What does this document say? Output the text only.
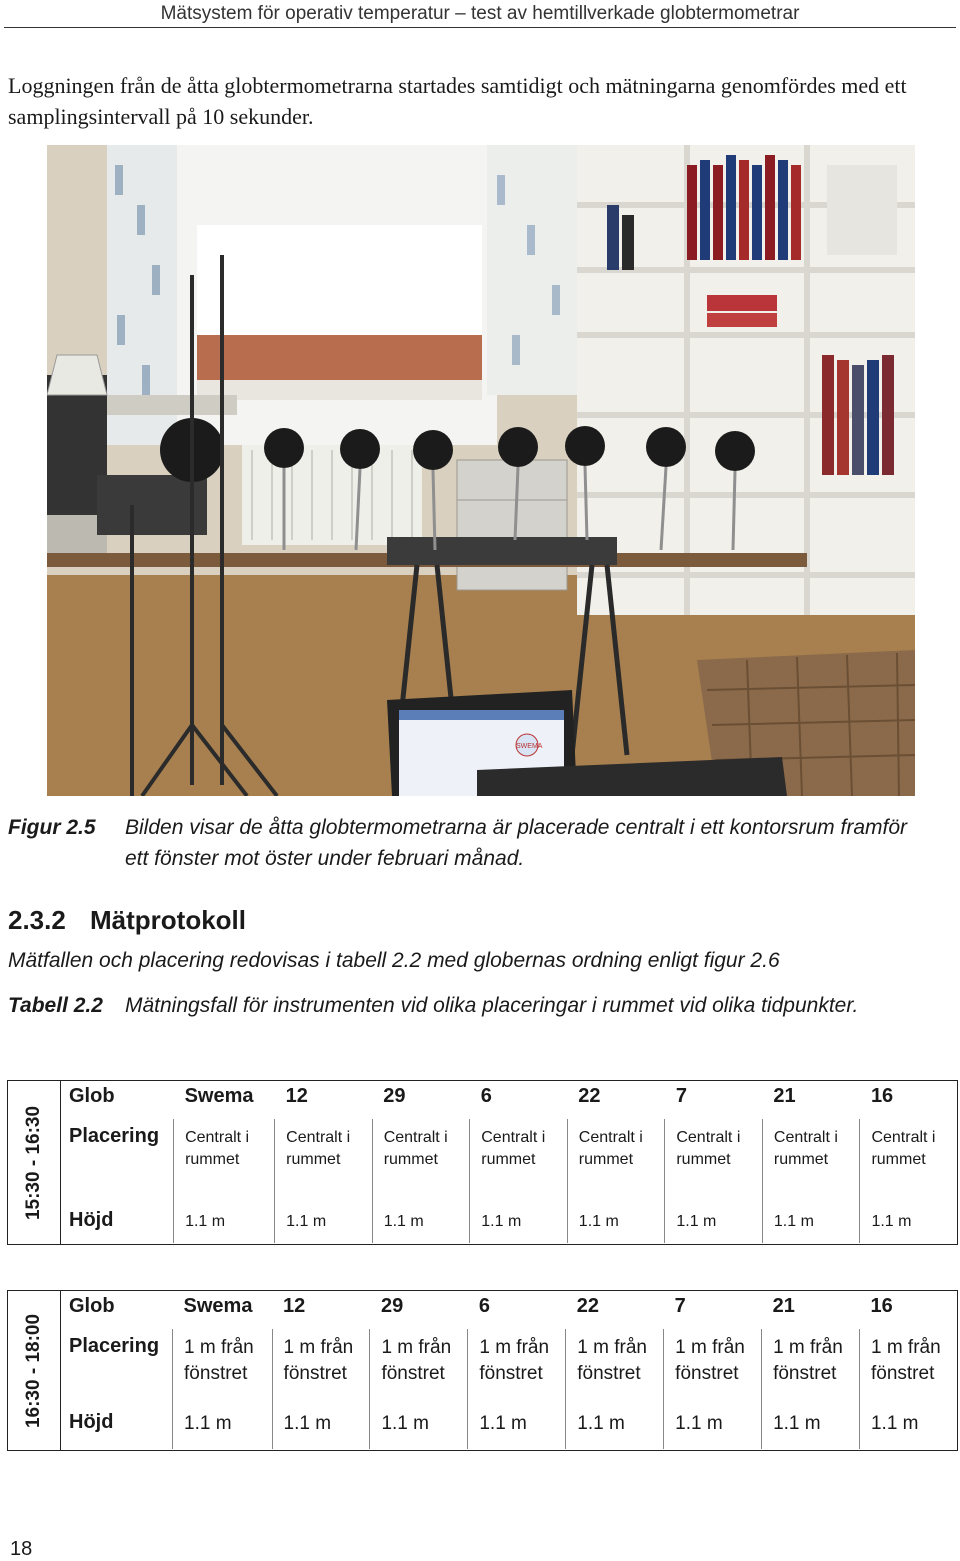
Mätsystem för operativ temperatur – test av hemtillverkade globtermometrar
Loggningen från de åtta globtermometrarna startades samtidigt och mätningarna genomfördes med ett samplingsintervall på 10 sekunder.
SWEMA
Figur 2.5 Bilden visar de åtta globtermometrarna är placerade centralt i ett kontorsrum framför ett fönster mot öster under februari månad.
2.3.2 Mätprotokoll
Mätfallen och placering redovisas i tabell 2.2 med globernas ordning enligt figur 2.6
Tabell 2.2 Mätningsfall för instrumenten vid olika placeringar i rummet vid olika tidpunkter.
15:30 - 16:30

Glob	Swema	12	29	6	22	7	21	16
Placering	Centralt i rummet	Centralt i rummet	Centralt i rummet	Centralt i rummet	Centralt i rummet	Centralt i rummet	Centralt i rummet	Centralt i rummet
Höjd	1.1 m	1.1 m	1.1 m	1.1 m	1.1 m	1.1 m	1.1 m	1.1 m
16:30 - 18:00

Glob	Swema	12	29	6	22	7	21	16
Placering	1 m från fönstret	1 m från fönstret	1 m från fönstret	1 m från fönstret	1 m från fönstret	1 m från fönstret	1 m från fönstret	1 m från fönstret
Höjd	1.1 m	1.1 m	1.1 m	1.1 m	1.1 m	1.1 m	1.1 m	1.1 m
18
